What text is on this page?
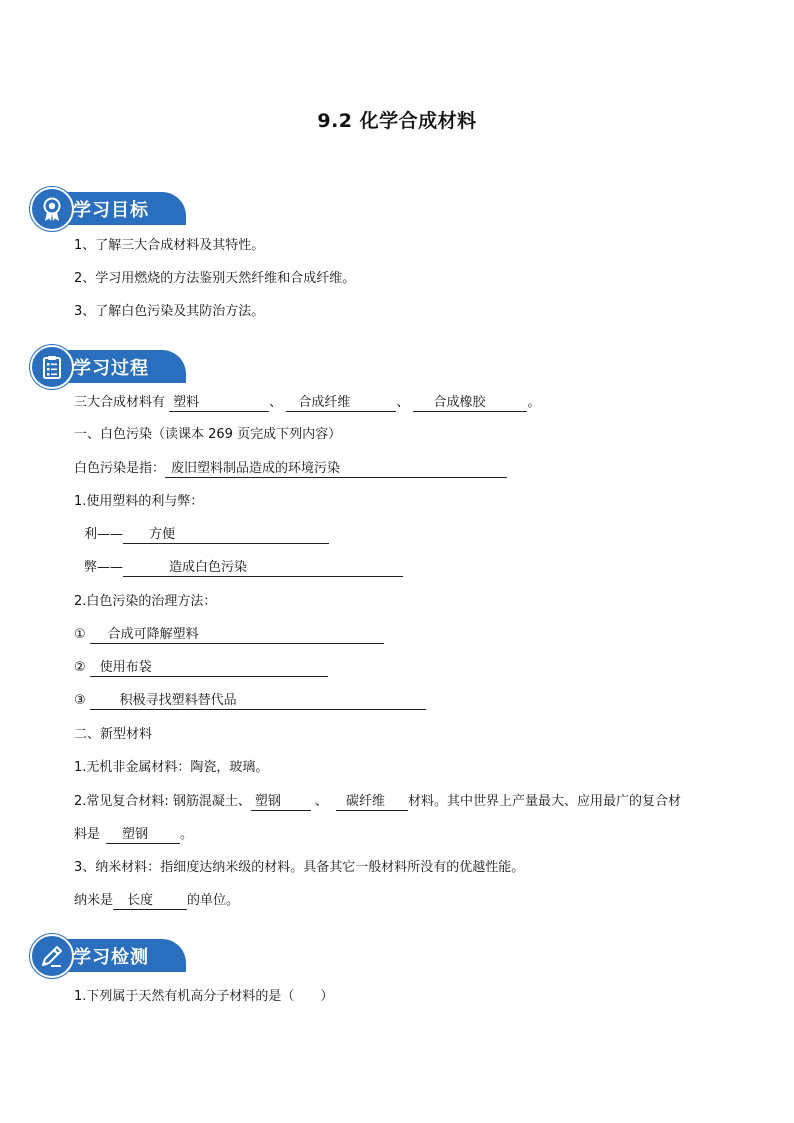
9.2 化学合成材料
学习目标
1、了解三大合成材料及其特性。
2、学习用燃烧的方法鉴别天然纤维和合成纤维。
3、了解白色污染及其防治方法。
学习过程
三大合成材料有 塑料	、 合成纤维	、 合成橡胶	。
一、白色污染（读课本 269 页完成下列内容）
白色污染是指： 废旧塑料制品造成的环境污染
1.使用塑料的利与弊：
利—— 方便
弊——	造成白色污染
2.白色污染的治理方法：
① 合成可降解塑料
② 使用布袋
③	积极寻找塑料替代品
二、新型材料
1.无机非金属材料：陶瓷，玻璃。
2.常见复合材料: 钢筋混凝土、 塑钢	、 碳纤维 材料。其中世界上产量最大、应用最广的复合材
料是 塑钢 。
3、纳米材料：指细度达纳米级的材料。具备其它一般材料所没有的优越性能。
纳米是 长度	的单位。
学习检测
1.下列属于天然有机高分子材料的是（　　）
